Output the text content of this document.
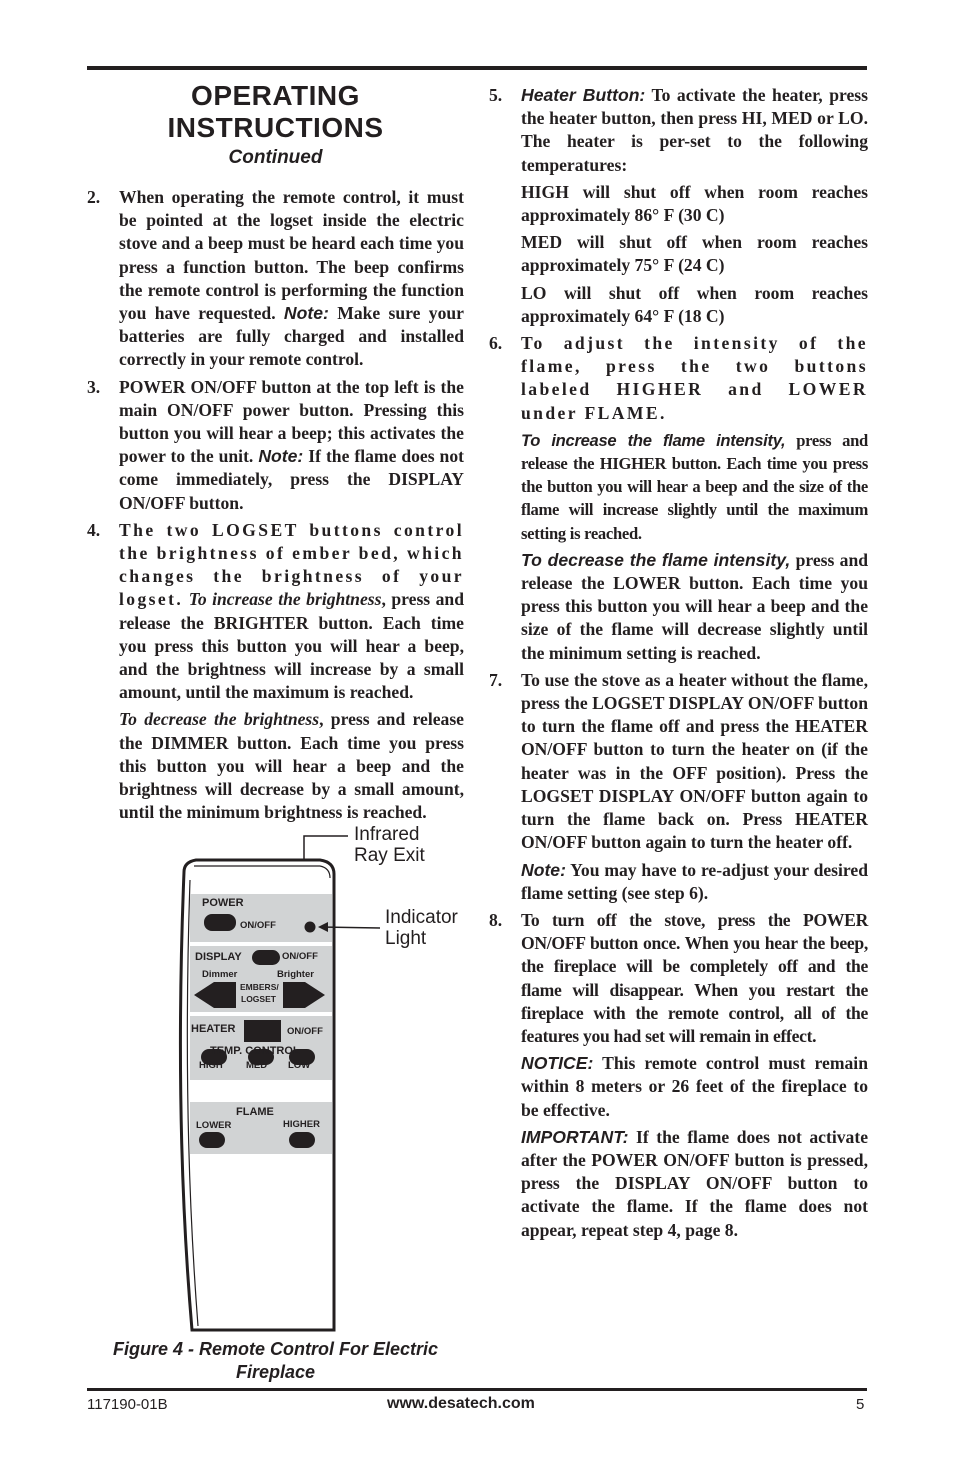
OPERATING
INSTRUCTIONS
Continued
2. When operating the remote control, it must be pointed at the logset inside the electric stove and a beep must be heard each time you press a function button. The beep confirms the remote control is performing the function you have requested. Note: Make sure your batteries are fully charged and installed correctly in your remote control.

3. POWER ON/OFF button at the top left is the main ON/OFF power button. Pressing this button you will hear a beep; this activates the power to the unit. Note: If the flame does not come immediately, press the DISPLAY ON/OFF button.

4. The two LOGSET buttons control the brightness of ember bed, which changes the brightness of your logset. To increase the brightness, press and release the BRIGHTER button. Each time you press this button you will hear a beep, and the brightness will increase by a small amount, until the maximum is reached.

To decrease the brightness, press and release the DIMMER button. Each time you press this button you will hear a beep and the brightness will decrease by a small amount, until the minimum brightness is reached.

5. Heater Button: To activate the heater, press the heater button, then press HI, MED or LO. The heater is per-set to the following temperatures:

HIGH will shut off when room reaches approximately 86° F (30 C)

MED will shut off when room reaches approximately 75° F (24 C)

LO will shut off when room reaches approximately 64° F (18 C)

6. To adjust the intensity of the flame, press the two buttons labeled HIGHER and LOWER under FLAME.

To increase the flame intensity, press and release the HIGHER button. Each time you press the button you will hear a beep and the size of the flame will increase slightly until the maximum setting is reached.

To decrease the flame intensity, press and release the LOWER button. Each time you press this button you will hear a beep and the size of the flame will decrease slightly until the minimum setting is reached.

7. To use the stove as a heater without the flame, press the LOGSET DISPLAY ON/OFF button to turn the flame off and press the HEATER ON/OFF button to turn the heater on (if the heater was in the OFF position). Press the LOGSET DISPLAY ON/OFF button again to turn the flame back on. Press HEATER ON/OFF button again to turn the heater off.

Note: You may have to re-adjust your desired flame setting (see step 6).

8. To turn off the stove, press the POWER ON/OFF button once. When you hear the beep, the fireplace will be completely off and the flame will disappear. When you restart the fireplace with the remote control, all of the features you had set will remain in effect.

NOTICE: This remote control must remain within 8 meters or 26 feet of the fireplace to be effective.

IMPORTANT: If the flame does not activate after the POWER ON/OFF button is pressed, press the DISPLAY ON/OFF button to activate the flame. If the flame does not appear, repeat step 4, page 8.

POWER
ON/OFF
DISPLAY	ON/OFF
Dimmer	Brighter
EMBERS/
LOGSET
HEATER	ON/OFF
TEMP. CONTROL
HIGH MED LOW
FLAME
LOWER	HIGHER
Infrared
Ray Exit
Indicator
Light
Figure 4 - Remote Control For Electric
Fireplace
117190-01B	www.desatech.com	5
